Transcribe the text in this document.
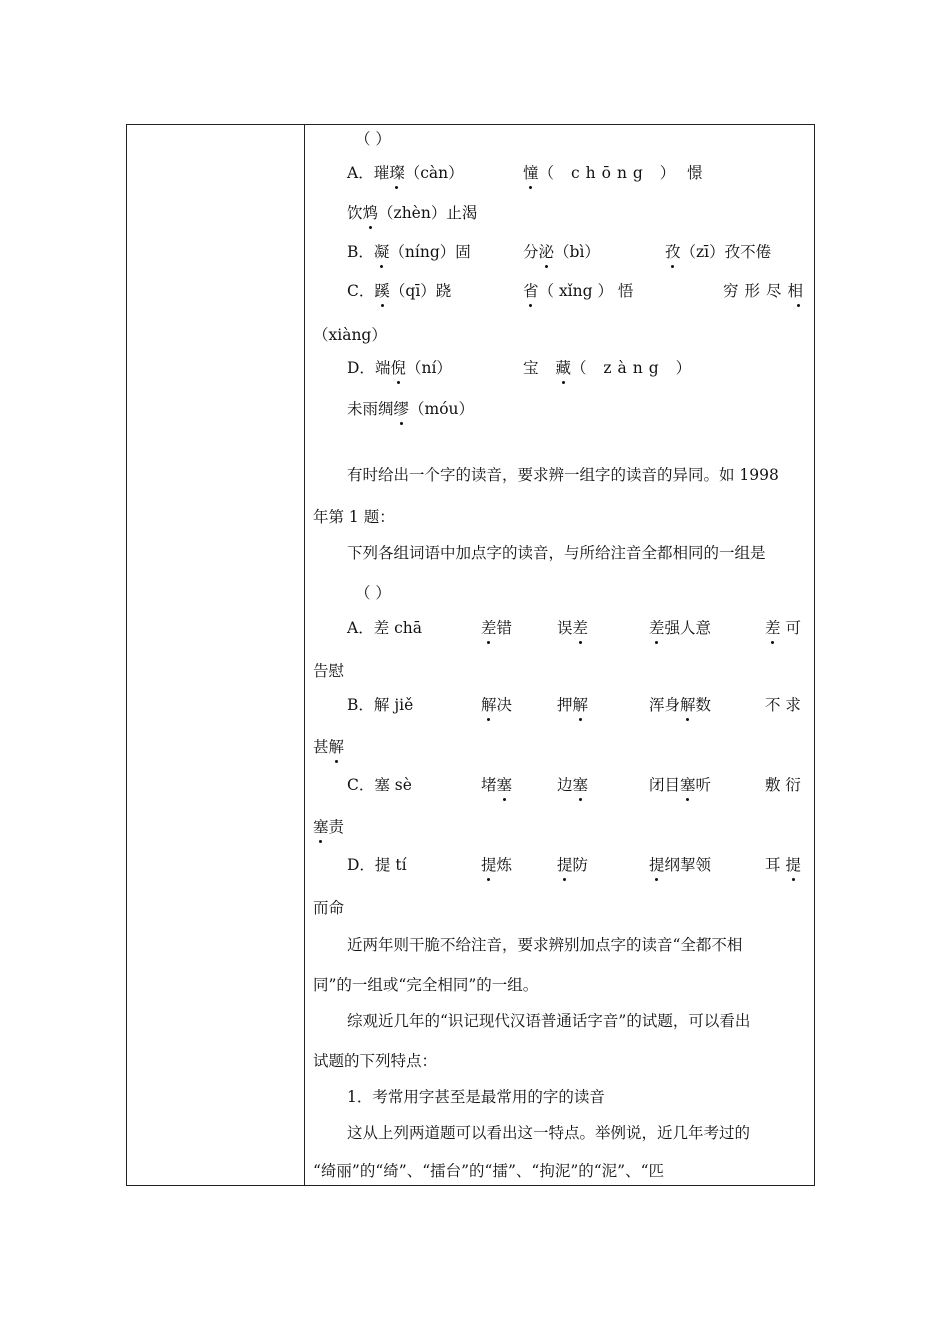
（ ）
A．璀璨（càn）	憧（ chōng ） 憬
饮鸩（zhèn）止渴
B．凝（níng）固	分泌（bì）	孜（zī）孜不倦
C．蹊（qī）跷	省（ xǐng ） 悟	穷形尽相
（xiàng）
D．端倪（ní）	宝 藏（ zàng ）
未雨绸缪（móu）
有时给出一个字的读音，要求辨一组字的读音的异同。如 1998
年第 1 题：
下列各组词语中加点字的读音，与所给注音全都相同的一组是
（ ）
A．差 chā	差错	误差	差强人意	差 可
告慰
B．解 jiě	解决	押解	浑身解数	不 求
甚解
C．塞 sè	堵塞	边塞	闭目塞听	敷 衍
塞责
D．提 tí	提炼	提防	提纲挈领	耳 提
而命
近两年则干脆不给注音，要求辨别加点字的读音“全都不相
同”的一组或“完全相同”的一组。
综观近几年的“识记现代汉语普通话字音”的试题，可以看出
试题的下列特点：
1．考常用字甚至是最常用的字的读音
这从上列两道题可以看出这一特点。举例说，近几年考过的
“绮丽”的“绮”、“擂台”的“擂”、“拘泥”的“泥”、“匹
